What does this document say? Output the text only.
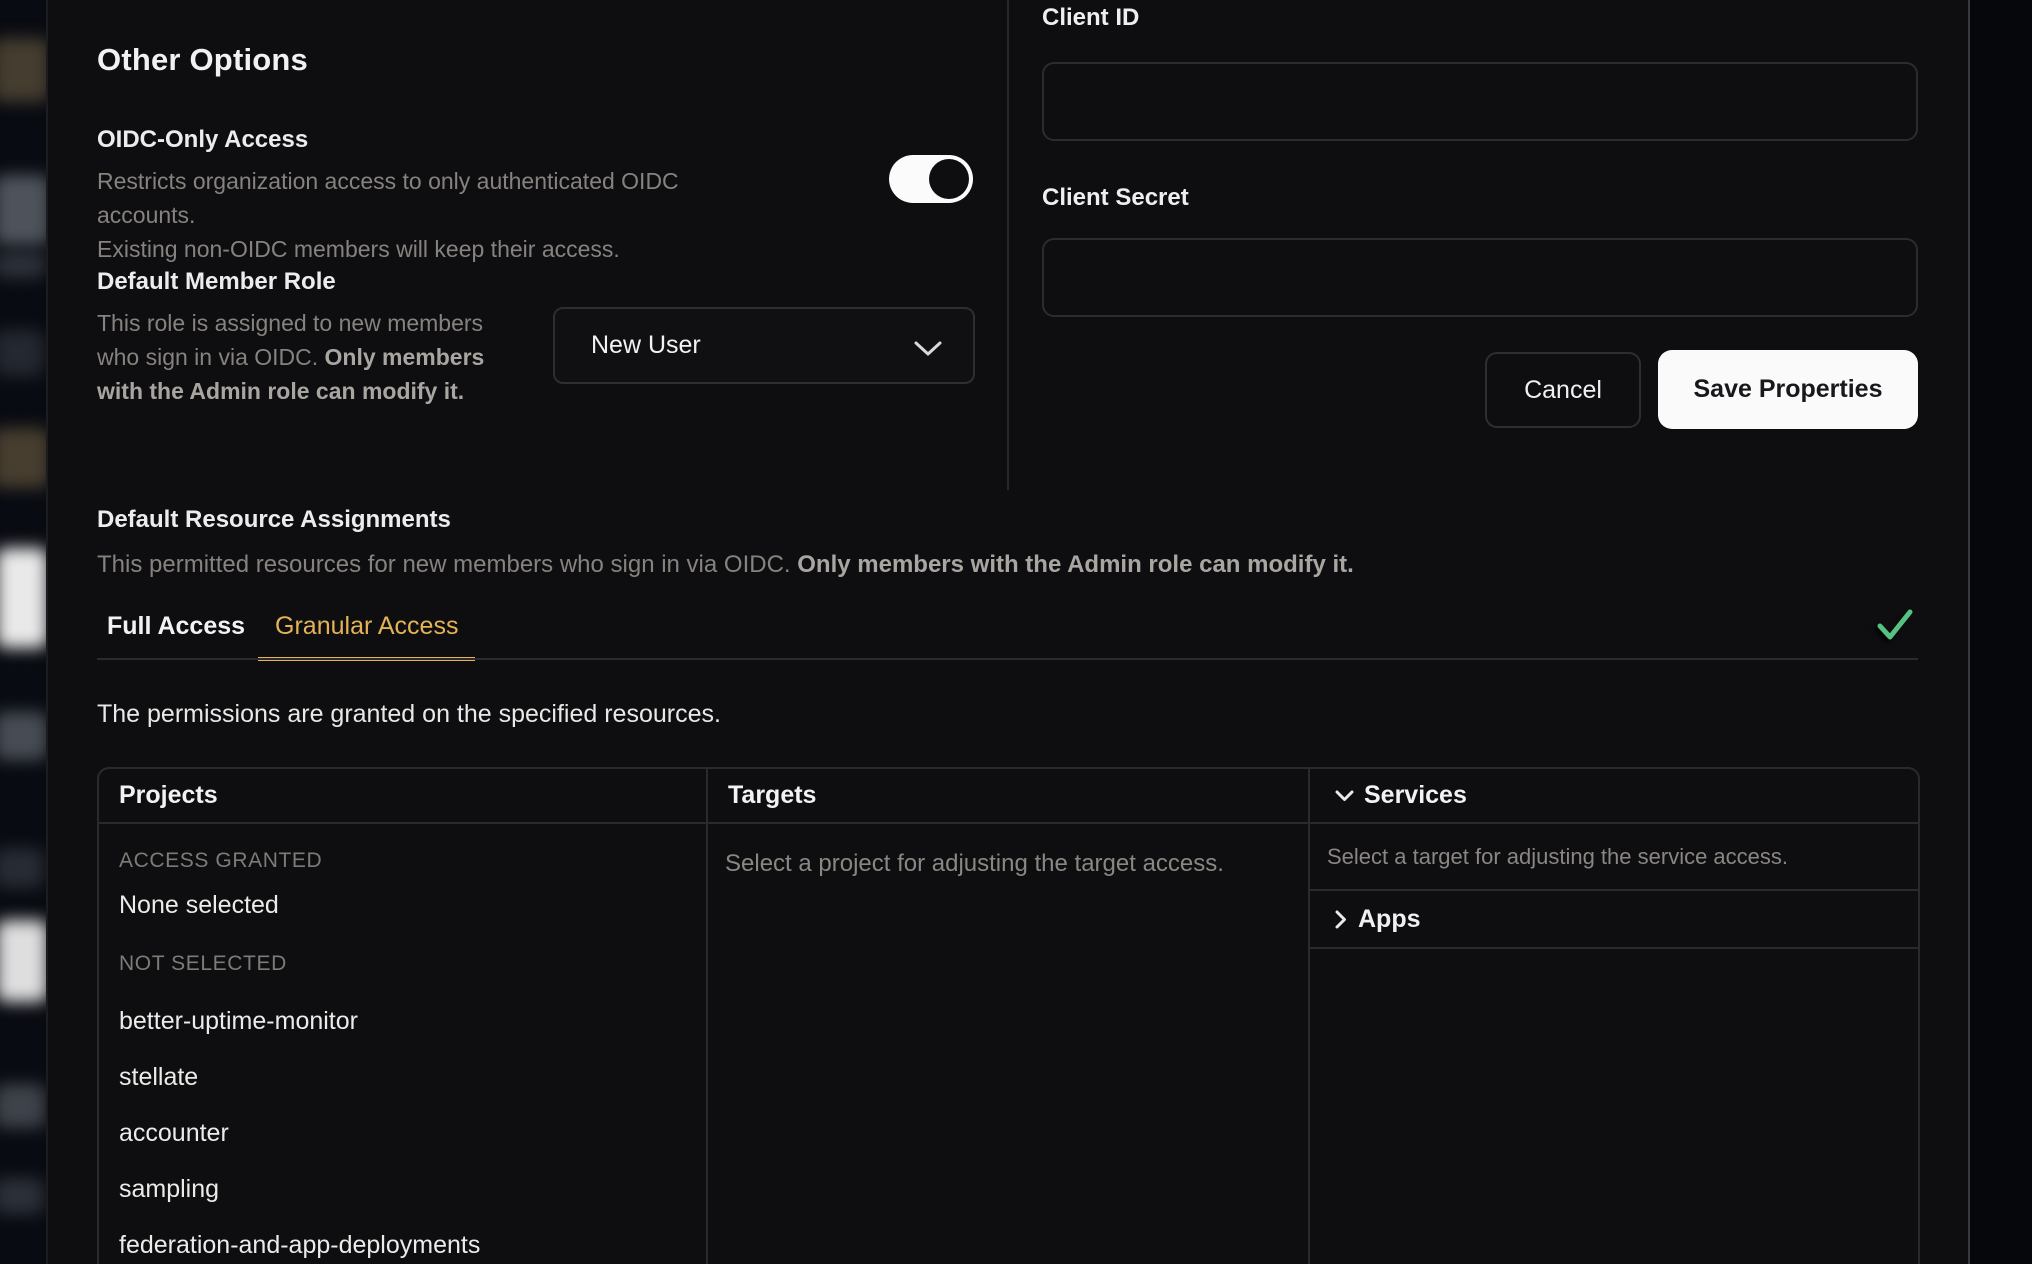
Other Options
OIDC-Only Access
Restricts organization access to only authenticated OIDC accounts.
Existing non-OIDC members will keep their access.
Default Member Role
This role is assigned to new members who sign in via OIDC. Only members with the Admin role can modify it.
New User
Client ID
Client Secret
Cancel	Save Properties
Default Resource Assignments
This permitted resources for new members who sign in via OIDC. Only members with the Admin role can modify it.
Full Access	Granular Access
The permissions are granted on the specified resources.
Projects
ACCESS GRANTED
None selected
NOT SELECTED
better-uptime-monitor
stellate
accounter
sampling
federation-and-app-deployments
Targets
Select a project for adjusting the target access.
Services
Select a target for adjusting the service access.
Apps
